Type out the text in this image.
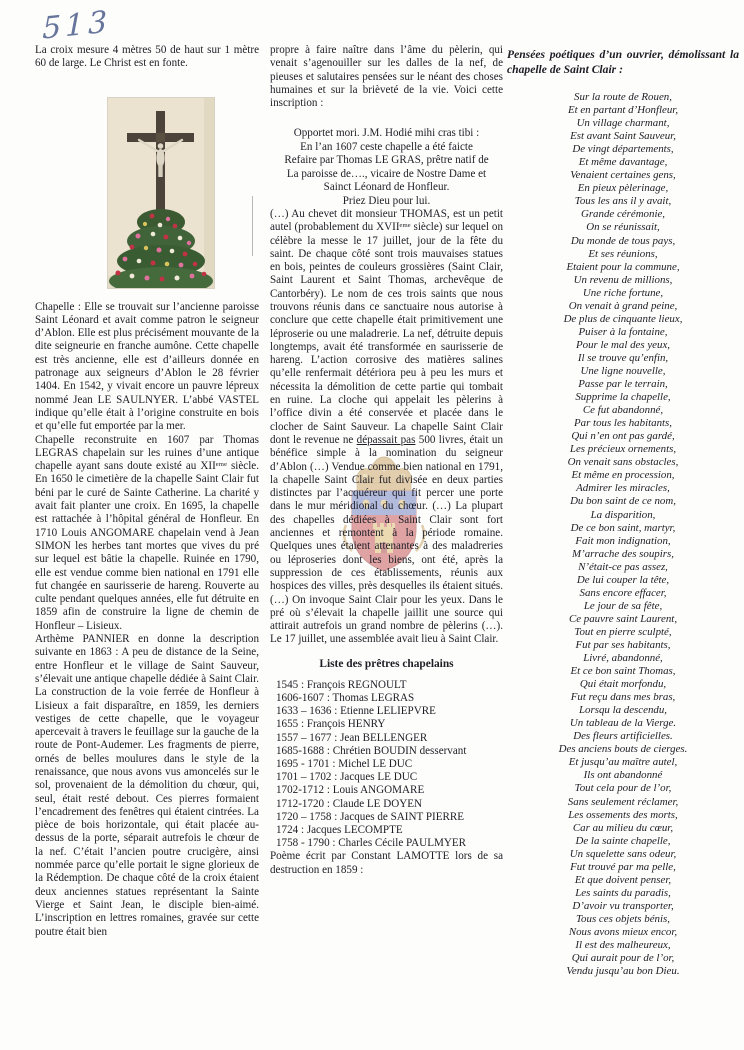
513

La croix mesure 4 mètres 50 de haut sur 1 mètre 60 de large. Le Christ est en fonte.

Chapelle : Elle se trouvait sur l’ancienne paroisse Saint Léonard et avait comme patron le seigneur d’Ablon. Elle est plus précisément mouvante de la dite seigneurie en franche aumône. Cette chapelle est très ancienne, elle est d’ailleurs donnée en patronage aux seigneurs d’Ablon le 28 février 1404. En 1542, y vivait encore un pauvre lépreux nommé Jean LE SAULNYER. L’abbé VASTEL indique qu’elle était à l’origine construite en bois et qu’elle fut emportée par la mer.

Chapelle reconstruite en 1607 par Thomas LEGRAS chapelain sur les ruines d’une antique chapelle ayant sans doute existé au XIIᵉᵐᵉ siècle. En 1650 le cimetière de la chapelle Saint Clair fut béni par le curé de Sainte Catherine. La charité y avait fait planter une croix. En 1695, la chapelle est rattachée à l’hôpital général de Honfleur. En 1710 Louis ANGOMARE chapelain vend à Jean SIMON les herbes tant mortes que vives du pré sur lequel est bâtie la chapelle. Ruinée en 1790, elle est vendue comme bien national en 1791 elle fut changée en saurisserie de hareng. Rouverte au culte pendant quelques années, elle fut détruite en 1859 afin de construire la ligne de chemin de Honfleur – Lisieux.

Arthème PANNIER en donne la description suivante en 1863 : A peu de distance de la Seine, entre Honfleur et le village de Saint Sauveur, s’élevait une antique chapelle dédiée à Saint Clair. La construction de la voie ferrée de Honfleur à Lisieux a fait disparaître, en 1859, les derniers vestiges de cette chapelle, que le voyageur apercevait à travers le feuillage sur la gauche de la route de Pont-Audemer. Les fragments de pierre, ornés de belles moulures dans le style de la renaissance, que nous avons vus amoncelés sur le sol, provenaient de la démolition du chœur, qui, seul, était resté debout. Ces pierres formaient l’encadrement des fenêtres qui étaient cintrées. La pièce de bois horizontale, qui était placée au-dessus de la porte, séparait autrefois le chœur de la nef. C’était l’ancien poutre crucigère, ainsi nommée parce qu’elle portait le signe glorieux de la Rédemption. De chaque côté de la croix étaient deux anciennes statues représentant la Sainte Vierge et Saint Jean, le disciple bien-aimé. L’inscription en lettres romaines, gravée sur cette poutre était bien

propre à faire naître dans l’âme du pèlerin, qui venait s’agenouiller sur les dalles de la nef, de pieuses et salutaires pensées sur le néant des choses humaines et sur la brièveté de la vie. Voici cette inscription :

Opportet mori. J.M. Hodié mihi cras tibi :
En l’an 1607 ceste chapelle a été faicte
Refaire par Thomas LE GRAS, prêtre natif de
La paroisse de…., vicaire de Nostre Dame et
Sainct Léonard de Honfleur.
Priez Dieu pour lui.

(…) Au chevet dit monsieur THOMAS, est un petit autel (probablement du XVIIᵉᵐᵉ siècle) sur lequel on célèbre la messe le 17 juillet, jour de la fête du saint. De chaque côté sont trois mauvaises statues en bois, peintes de couleurs grossières (Saint Clair, Saint Laurent et Saint Thomas, archevêque de Cantorbéry). Le nom de ces trois saints que nous trouvons réunis dans ce sanctuaire nous autorise à conclure que cette chapelle était primitivement une léproserie ou une maladrerie. La nef, détruite depuis longtemps, avait été transformée en saurisserie de hareng. L’action corrosive des matières salines qu’elle renfermait détériora peu à peu les murs et nécessita la démolition de cette partie qui tombait en ruine. La cloche qui appelait les pèlerins à l’office divin a été conservée et placée dans le clocher de Saint Sauveur. La chapelle Saint Clair dont le revenue ne dépassait pas 500 livres, était un bénéfice simple à la nomination du seigneur d’Ablon (…) Vendue comme bien national en 1791, la chapelle Saint Clair fut divisée en deux parties distinctes par l’acquéreur qui fit percer une porte dans le mur méridional du chœur. (…) La plupart des chapelles dédiées à Saint Clair sont fort anciennes et remontent à la période romaine. Quelques unes étaient attenantes à des maladreries ou léproseries dont les biens, ont été, après la suppression de ces établissements, réunis aux hospices des villes, près desquelles ils étaient situés. (…) On invoque Saint Clair pour les yeux. Dans le pré où s’élevait la chapelle jaillit une source qui attirait autrefois un grand nombre de pèlerins (…). Le 17 juillet, une assemblée avait lieu à Saint Clair.

Liste des prêtres chapelains
1545 : François REGNOULT
1606-1607 : Thomas LEGRAS
1633 – 1636 : Etienne LELIEPVRE
1655 : François HENRY
1557 – 1677 : Jean BELLENGER
1685-1688 : Chrétien BOUDIN desservant
1695 - 1701 : Michel LE DUC
1701 – 1702 : Jacques LE DUC
1702-1712 : Louis ANGOMARE
1712-1720 : Claude LE DOYEN
1720 – 1758 : Jacques de SAINT PIERRE
1724 : Jacques LECOMPTE
1758 - 1790 : Charles Cécile PAULMYER

Poème écrit par Constant LAMOTTE lors de sa destruction en 1859 :

Pensées poétiques d’un ouvrier, démolissant la chapelle de Saint Clair :
Sur la route de Rouen,
Et en partant d’Honfleur,
Un village charmant,
Est avant Saint Sauveur,
De vingt départements,
Et même davantage,
Venaient certaines gens,
En pieux pèlerinage,
Tous les ans il y avait,
Grande cérémonie,
On se réunissait,
Du monde de tous pays,
Et ses réunions,
Etaient pour la commune,
Un revenu de millions,
Une riche fortune,
On venait à grand peine,
De plus de cinquante lieux,
Puiser à la fontaine,
Pour le mal des yeux,
Il se trouve qu’enfin,
Une ligne nouvelle,
Passe par le terrain,
Supprime la chapelle,
Ce fut abandonné,
Par tous les habitants,
Qui n’en ont pas gardé,
Les précieux ornements,
On venait sans obstacles,
Et même en procession,
Admirer les miracles,
Du bon saint de ce nom,
La disparition,
De ce bon saint, martyr,
Fait mon indignation,
M’arrache des soupirs,
N’était-ce pas assez,
De lui couper la tête,
Sans encore effacer,
Le jour de sa fête,
Ce pauvre saint Laurent,
Tout en pierre sculpté,
Fut par ses habitants,
Livré, abandonné,
Et ce bon saint Thomas,
Qui était morfondu,
Fut reçu dans mes bras,
Lorsqu la descendu,
Un tableau de la Vierge.
Des fleurs artificielles.
Des anciens bouts de cierges.
Et jusqu’au maître autel,
Ils ont abandonné
Tout cela pour de l’or,
Sans seulement réclamer,
Les ossements des morts,
Car au milieu du cœur,
De la sainte chapelle,
Un squelette sans odeur,
Fut trouvé par ma pelle,
Et que doivent penser,
Les saints du paradis,
D’avoir vu transporter,
Tous ces objets bénis,
Nous avons mieux encor,
Il est des malheureux,
Qui aurait pour de l’or,
Vendu jusqu’au bon Dieu.
